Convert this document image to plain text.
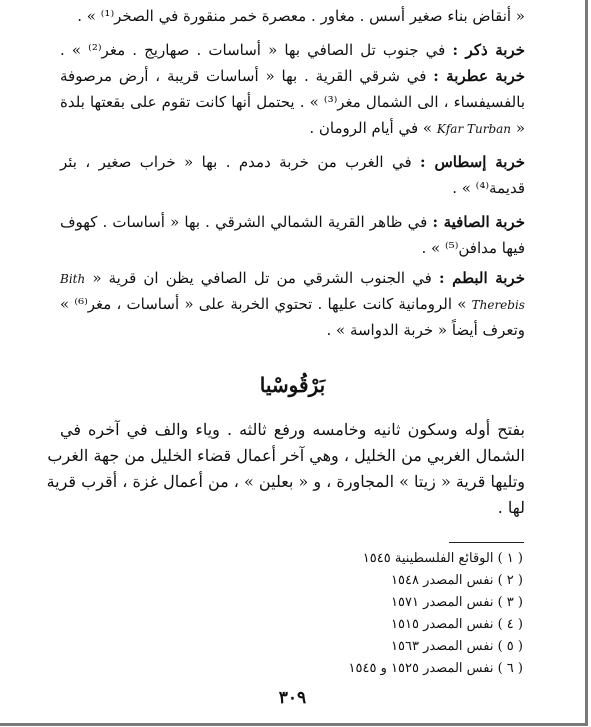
« أنقاض بناء صغير أسس . مغاور . معصرة خمر منقورة في الصخر⁽¹⁾ » .
خربة ذكر : في جنوب تل الصافي بها « أساسات . صهاريج . مغر⁽²⁾ » .
خربة عطربة : في شرقي القرية . بها « أساسات قريبة ، أرض مرصوفة
بالفسيفساء ، الى الشمال مغر⁽³⁾ » . يحتمل أنها كانت تقوم على بقعتها بلدة
« Kfar Turban » في أيام الرومان .
خربة إسطاس : في الغرب من خربة دمدم . بها « خراب صغير ، بئر
قديمة⁽⁴⁾ » .
خربة الصافية : في ظاهر القرية الشمالي الشرقي . بها « أساسات . كهوف
فيها مدافن⁽⁵⁾ » .
خربة البطم : في الجنوب الشرقي من تل الصافي يظن ان قرية « Bith
Therebis » الرومانية كانت عليها . تحتوي الخربة على « أساسات ، مغر⁽⁶⁾ »
وتعرف أيضاً « خربة الدواسة » .
بَرْقُوسْيا
بفتح أوله وسكون ثانيه وخامسه ورفع ثالثه . وياء والف في آخره في
الشمال الغربي من الخليل ، وهي آخر أعمال قضاء الخليل من جهة الغرب
وتليها قرية « زيتا » المجاورة ، و « بعلين » ، من أعمال غزة ، أقرب قرية
لها .
( ١ ) الوقائع الفلسطينية ١٥٤٥
( ٢ ) نفس المصدر ١٥٤٨
( ٣ ) نفس المصدر ١٥٧١
( ٤ ) نفس المصدر ١٥١٥
( ٥ ) نفس المصدر ١٥٦٣
( ٦ ) نفس المصدر ١٥٢٥ و ١٥٤٥
٣٠٩
